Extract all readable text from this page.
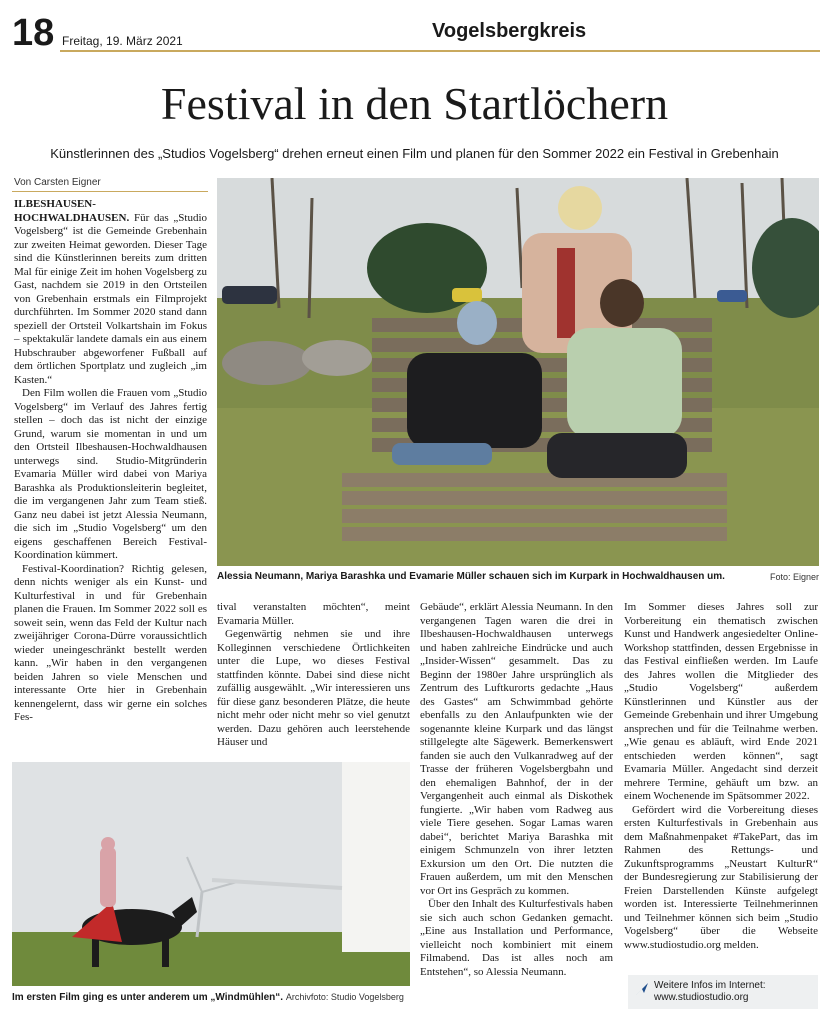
18 Freitag, 19. März 2021	Vogelsbergkreis
Festival in den Startlöchern
Künstlerinnen des „Studios Vogelsberg“ drehen erneut einen Film und planen für den Sommer 2022 ein Festival in Grebenhain
Von Carsten Eigner

ILBESHAUSEN-HOCHWALDHAUSEN. Für das „Studio Vogelsberg“ ist die Gemeinde Grebenhain zur zweiten Heimat geworden. Dieser Tage sind die Künstlerinnen bereits zum dritten Mal für einige Zeit im hohen Vogelsberg zu Gast, nachdem sie 2019 in den Ortsteilen von Grebenhain erstmals ein Filmprojekt durchführten. Im Sommer 2020 stand dann speziell der Ortsteil Volkartshain im Fokus – spektakulär landete damals ein aus einem Hubschrauber abgeworfener Fußball auf dem örtlichen Sportplatz und zugleich „im Kasten.“

Den Film wollen die Frauen vom „Studio Vogelsberg“ im Verlauf des Jahres fertig stellen – doch das ist nicht der einzige Grund, warum sie momentan in und um den Ortsteil Ilbeshausen-Hochwaldhausen unterwegs sind. Studio-Mitgründerin Evamaria Müller wird dabei von Mariya Barashka als Produktionsleiterin begleitet, die im vergangenen Jahr zum Team stieß. Ganz neu dabei ist jetzt Alessia Neumann, die sich im „Studio Vogelsberg“ um den eigens geschaffenen Bereich Festival-Koordination kümmert.

Festival-Koordination? Richtig gelesen, denn nichts weniger als ein Kunst- und Kulturfestival in und für Grebenhain planen die Frauen. Im Sommer 2022 soll es soweit sein, wenn das Feld der Kultur nach zweijähriger Corona-Dürre voraussichtlich wieder uneingeschränkt bestellt werden kann. „Wir haben in den vergangenen beiden Jahren so viele Menschen und interessante Orte hier in Grebenhain kennengelernt, dass wir gerne ein solches Fes-

Alessia Neumann, Mariya Barashka und Evamarie Müller schauen sich im Kurpark in Hochwaldhausen um.	Foto: Eigner

tival veranstalten möchten“, meint Evamaria Müller.

Gegenwärtig nehmen sie und ihre Kolleginnen verschiedene Örtlichkeiten unter die Lupe, wo dieses Festival stattfinden könnte. Dabei sind diese nicht zufällig ausgewählt. „Wir interessieren uns für diese ganz besonderen Plätze, die heute nicht mehr oder nicht mehr so viel genutzt werden. Dazu gehören auch leerstehende Häuser und

Gebäude“, erklärt Alessia Neumann. In den vergangenen Tagen waren die drei in Ilbeshausen-Hochwaldhausen unterwegs und haben zahlreiche Eindrücke und auch „Insider-Wissen“ gesammelt. Das zu Beginn der 1980er Jahre ursprünglich als Zentrum des Luftkurorts gedachte „Haus des Gastes“ am Schwimmbad gehörte ebenfalls zu den Anlaufpunkten wie der sogenannte kleine Kurpark und das längst stillgelegte alte Sägewerk. Bemerkenswert fanden sie auch den Vulkanradweg auf der Trasse der früheren Vogelsbergbahn und den ehemaligen Bahnhof, der in der Vergangenheit auch einmal als Diskothek fungierte. „Wir haben vom Radweg aus viele Tiere gesehen. Sogar Lamas waren dabei“, berichtet Mariya Barashka mit einigem Schmunzeln von ihrer letzten Exkursion um den Ort. Die nutzten die Frauen außerdem, um mit den Menschen vor Ort ins Gespräch zu kommen.

Über den Inhalt des Kulturfestivals haben sie sich auch schon Gedanken gemacht. „Eine aus Installation und Performance, vielleicht noch kombiniert mit einem Filmabend. Das ist alles noch am Entstehen“, so Alessia Neumann.

Im Sommer dieses Jahres soll zur Vorbereitung ein thematisch zwischen Kunst und Handwerk angesiedelter Online-Workshop stattfinden, dessen Ergebnisse in das Festival einfließen werden. Im Laufe des Jahres wollen die Mitglieder des „Studio Vogelsberg“ außerdem Künstlerinnen und Künstler aus der Gemeinde Grebenhain und ihrer Umgebung ansprechen und für die Teilnahme werben. „Wie genau es abläuft, wird Ende 2021 entschieden werden können“, sagt Evamaria Müller. Angedacht sind derzeit mehrere Termine, gehäuft um bzw. an einem Wochenende im Spätsommer 2022.

Gefördert wird die Vorbereitung dieses ersten Kulturfestivals in Grebenhain aus dem Maßnahmenpaket #TakePart, das im Rahmen des Rettungs- und Zukunftsprogramms „Neustart KulturR“ der Bundesregierung zur Stabilisierung der Freien Darstellenden Künste aufgelegt worden ist. Interessierte Teilnehmerinnen und Teilnehmer können sich beim „Studio Vogelsberg“ über die Webseite www.studiostudio.org melden.

Im ersten Film ging es unter anderem um „Windmühlen“. Archivfoto: Studio Vogelsberg
Weitere Infos im Internet:
www.studiostudio.org
